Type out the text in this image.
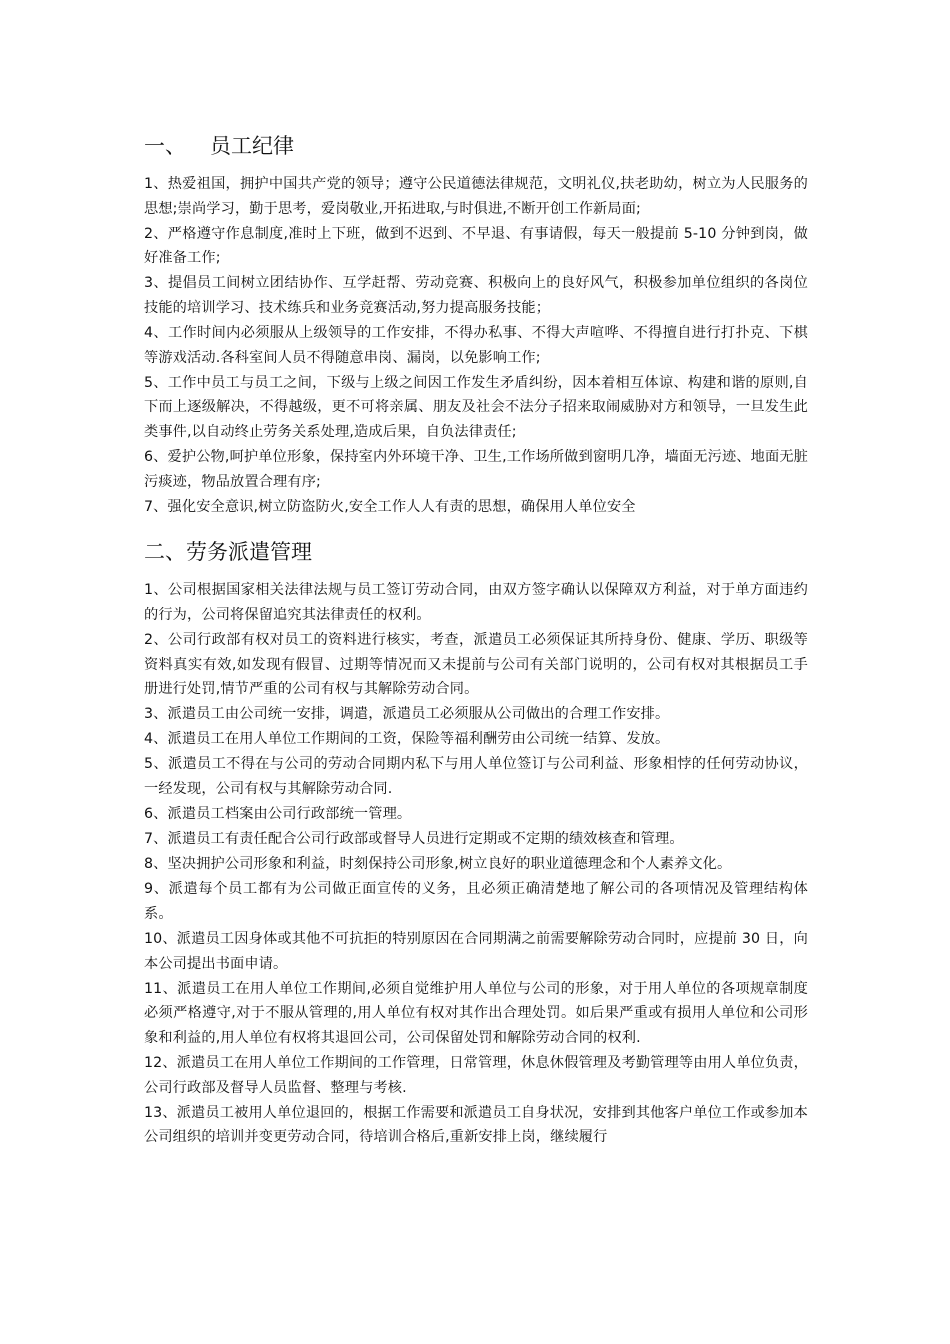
一、 员工纪律

1、热爱祖国，拥护中国共产党的领导；遵守公民道德法律规范，文明礼仪,扶老助幼，树立为人民服务的思想;崇尚学习，勤于思考，爱岗敬业,开拓进取,与时俱进,不断开创工作新局面;

2、严格遵守作息制度,准时上下班，做到不迟到、不早退、有事请假，每天一般提前 5-10 分钟到岗，做好准备工作;

3、提倡员工间树立团结协作、互学赶帮、劳动竞赛、积极向上的良好风气，积极参加单位组织的各岗位技能的培训学习、技术练兵和业务竞赛活动,努力提高服务技能；

4、工作时间内必须服从上级领导的工作安排，不得办私事、不得大声喧哗、不得擅自进行打扑克、下棋等游戏活动.各科室间人员不得随意串岗、漏岗，以免影响工作;

5、工作中员工与员工之间，下级与上级之间因工作发生矛盾纠纷，因本着相互体谅、构建和谐的原则,自下而上逐级解决，不得越级，更不可将亲属、朋友及社会不法分子招来取闹威胁对方和领导，一旦发生此类事件,以自动终止劳务关系处理,造成后果，自负法律责任;

6、爱护公物,呵护单位形象，保持室内外环境干净、卫生,工作场所做到窗明几净，墙面无污迹、地面无脏污痰迹，物品放置合理有序;

7、强化安全意识,树立防盗防火,安全工作人人有责的思想，确保用人单位安全

二、劳务派遣管理

1、公司根据国家相关法律法规与员工签订劳动合同，由双方签字确认以保障双方利益，对于单方面违约的行为，公司将保留追究其法律责任的权利。

2、公司行政部有权对员工的资料进行核实，考查，派遣员工必须保证其所持身份、健康、学历、职级等资料真实有效,如发现有假冒、过期等情况而又未提前与公司有关部门说明的，公司有权对其根据员工手册进行处罚,情节严重的公司有权与其解除劳动合同。

3、派遣员工由公司统一安排，调遣，派遣员工必须服从公司做出的合理工作安排。

4、派遣员工在用人单位工作期间的工资，保险等福利酬劳由公司统一结算、发放。

5、派遣员工不得在与公司的劳动合同期内私下与用人单位签订与公司利益、形象相悖的任何劳动协议，一经发现，公司有权与其解除劳动合同.

6、派遣员工档案由公司行政部统一管理。

7、派遣员工有责任配合公司行政部或督导人员进行定期或不定期的绩效核查和管理。

8、坚决拥护公司形象和利益，时刻保持公司形象,树立良好的职业道德理念和个人素养文化。

9、派遣每个员工都有为公司做正面宣传的义务，且必须正确清楚地了解公司的各项情况及管理结构体系。

10、派遣员工因身体或其他不可抗拒的特别原因在合同期满之前需要解除劳动合同时，应提前 30 日，向本公司提出书面申请。

11、派遣员工在用人单位工作期间,必须自觉维护用人单位与公司的形象，对于用人单位的各项规章制度必须严格遵守,对于不服从管理的,用人单位有权对其作出合理处罚。如后果严重或有损用人单位和公司形象和利益的,用人单位有权将其退回公司，公司保留处罚和解除劳动合同的权利.

12、派遣员工在用人单位工作期间的工作管理，日常管理，休息休假管理及考勤管理等由用人单位负责，公司行政部及督导人员监督、整理与考核.

13、派遣员工被用人单位退回的，根据工作需要和派遣员工自身状况，安排到其他客户单位工作或参加本公司组织的培训并变更劳动合同，待培训合格后,重新安排上岗，继续履行
